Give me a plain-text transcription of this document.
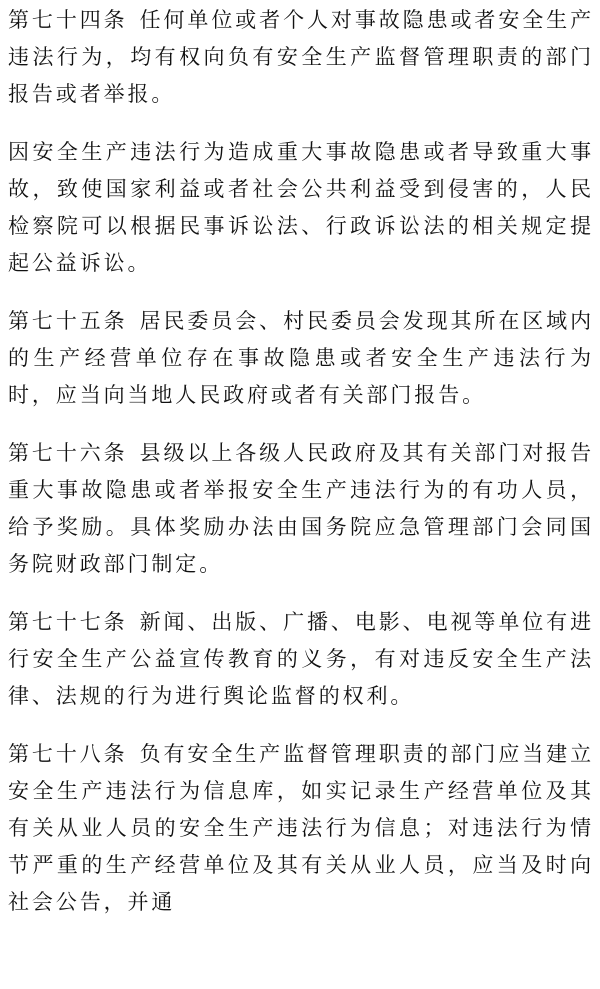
第七十四条 任何单位或者个人对事故隐患或者安全生产违法行为，均有权向负有安全生产监督管理职责的部门报告或者举报。

因安全生产违法行为造成重大事故隐患或者导致重大事故，致使国家利益或者社会公共利益受到侵害的，人民检察院可以根据民事诉讼法、行政诉讼法的相关规定提起公益诉讼。

第七十五条 居民委员会、村民委员会发现其所在区域内的生产经营单位存在事故隐患或者安全生产违法行为时，应当向当地人民政府或者有关部门报告。

第七十六条 县级以上各级人民政府及其有关部门对报告重大事故隐患或者举报安全生产违法行为的有功人员，给予奖励。具体奖励办法由国务院应急管理部门会同国务院财政部门制定。

第七十七条 新闻、出版、广播、电影、电视等单位有进行安全生产公益宣传教育的义务，有对违反安全生产法律、法规的行为进行舆论监督的权利。

第七十八条 负有安全生产监督管理职责的部门应当建立安全生产违法行为信息库，如实记录生产经营单位及其有关从业人员的安全生产违法行为信息；对违法行为情节严重的生产经营单位及其有关从业人员，应当及时向社会公告，并通
